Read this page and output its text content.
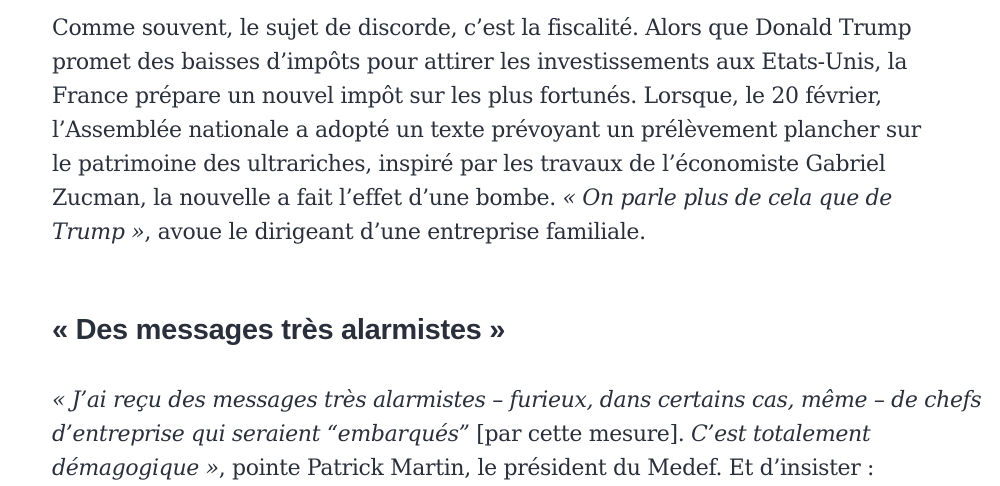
Comme souvent, le sujet de discorde, c’est la fiscalité. Alors que Donald Trump
promet des baisses d’impôts pour attirer les investissements aux Etats-Unis, la
France prépare un nouvel impôt sur les plus fortunés. Lorsque, le 20 février,
l’Assemblée nationale a adopté un texte prévoyant un prélèvement plancher sur
le patrimoine des ultrariches, inspiré par les travaux de l’économiste Gabriel
Zucman, la nouvelle a fait l’effet d’une bombe. « On parle plus de cela que de
Trump », avoue le dirigeant d’une entreprise familiale.

« Des messages très alarmistes »

« J’ai reçu des messages très alarmistes – furieux, dans certains cas, même – de chefs
d’entreprise qui seraient “embarqués” [par cette mesure]. C’est totalement
démagogique », pointe Patrick Martin, le président du Medef. Et d’insister :
